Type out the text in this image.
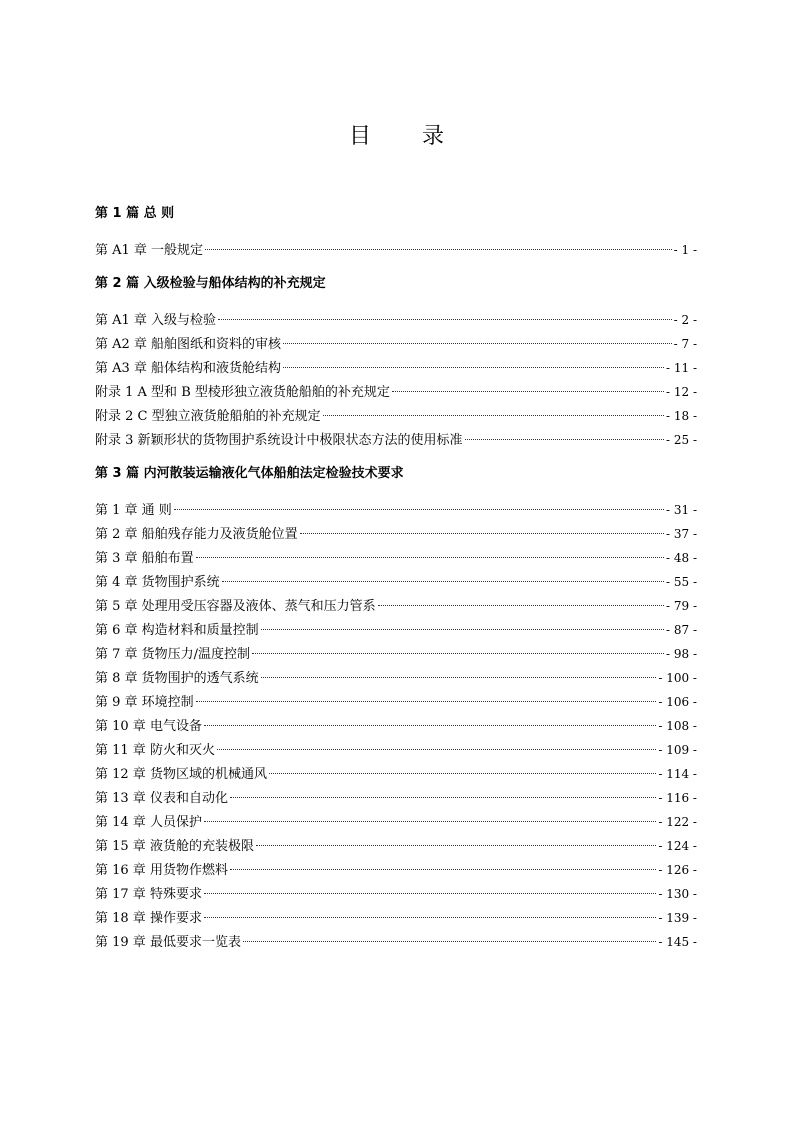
目 录
第 1 篇 总 则
第 A1 章 一般规定	- 1 -
第 2 篇 入级检验与船体结构的补充规定
第 A1 章 入级与检验	- 2 -
第 A2 章 船舶图纸和资料的审核	- 7 -
第 A3 章 船体结构和液货舱结构	- 11 -
附录 1 A 型和 B 型棱形独立液货舱船舶的补充规定	- 12 -
附录 2 C 型独立液货舱船舶的补充规定	- 18 -
附录 3 新颖形状的货物围护系统设计中极限状态方法的使用标准	- 25 -
第 3 篇 内河散装运输液化气体船舶法定检验技术要求
第 1 章 通 则	- 31 -
第 2 章 船舶残存能力及液货舱位置	- 37 -
第 3 章 船舶布置	- 48 -
第 4 章 货物围护系统	- 55 -
第 5 章 处理用受压容器及液体、蒸气和压力管系	- 79 -
第 6 章 构造材料和质量控制	- 87 -
第 7 章 货物压力/温度控制	- 98 -
第 8 章 货物围护的透气系统	- 100 -
第 9 章 环境控制	- 106 -
第 10 章 电气设备	- 108 -
第 11 章 防火和灭火	- 109 -
第 12 章 货物区域的机械通风	- 114 -
第 13 章 仪表和自动化	- 116 -
第 14 章 人员保护	- 122 -
第 15 章 液货舱的充装极限	- 124 -
第 16 章 用货物作燃料	- 126 -
第 17 章 特殊要求	- 130 -
第 18 章 操作要求	- 139 -
第 19 章 最低要求一览表	- 145 -
